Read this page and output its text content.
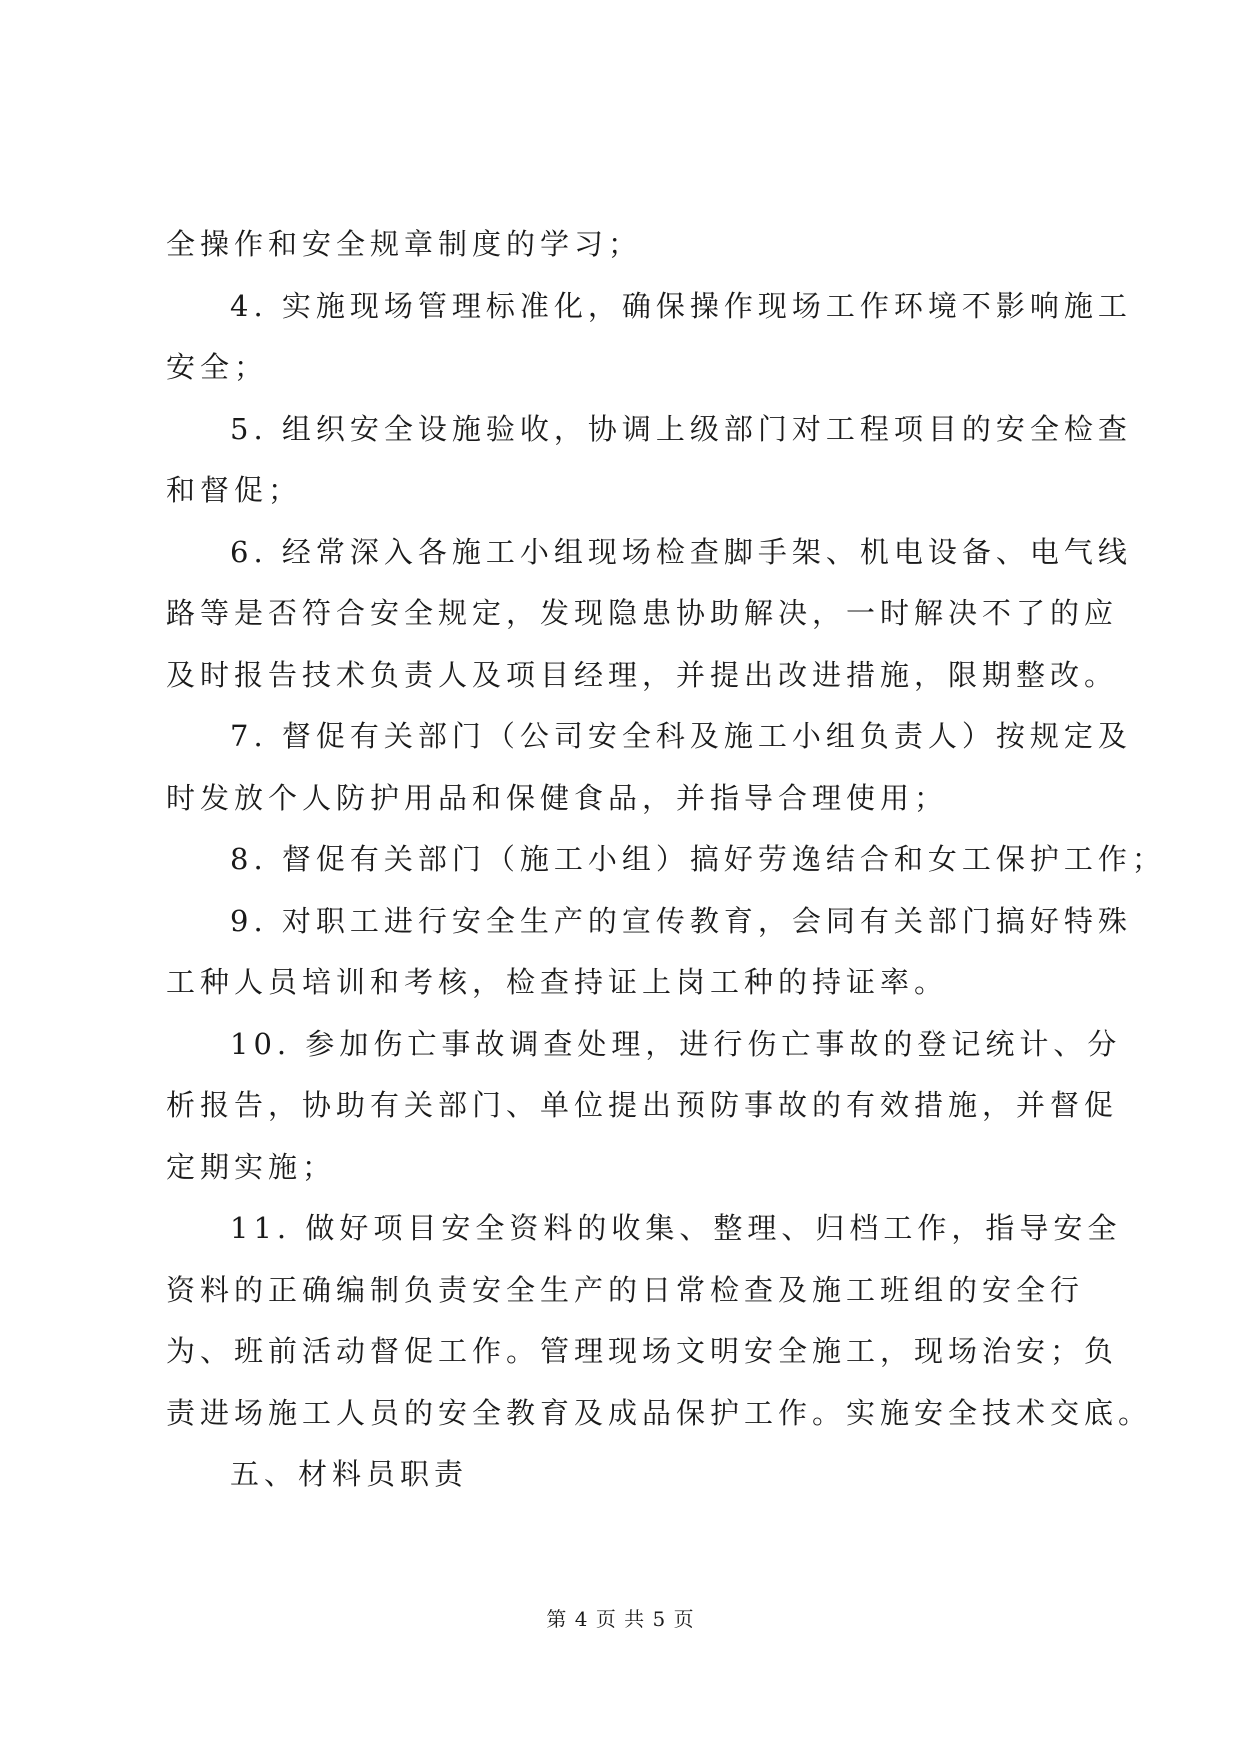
全操作和安全规章制度的学习；
4. 实施现场管理标准化，确保操作现场工作环境不影响施工
安全；
5. 组织安全设施验收，协调上级部门对工程项目的安全检查
和督促；
6. 经常深入各施工小组现场检查脚手架、机电设备、电气线
路等是否符合安全规定，发现隐患协助解决，一时解决不了的应
及时报告技术负责人及项目经理，并提出改进措施，限期整改。
7. 督促有关部门（公司安全科及施工小组负责人）按规定及
时发放个人防护用品和保健食品，并指导合理使用；
8. 督促有关部门（施工小组）搞好劳逸结合和女工保护工作；
9. 对职工进行安全生产的宣传教育，会同有关部门搞好特殊
工种人员培训和考核，检查持证上岗工种的持证率。
10. 参加伤亡事故调查处理，进行伤亡事故的登记统计、分
析报告，协助有关部门、单位提出预防事故的有效措施，并督促
定期实施；
11. 做好项目安全资料的收集、整理、归档工作，指导安全
资料的正确编制负责安全生产的日常检查及施工班组的安全行
为、班前活动督促工作。管理现场文明安全施工，现场治安；负
责进场施工人员的安全教育及成品保护工作。实施安全技术交底。
五、材料员职责
第 4 页 共 5 页
